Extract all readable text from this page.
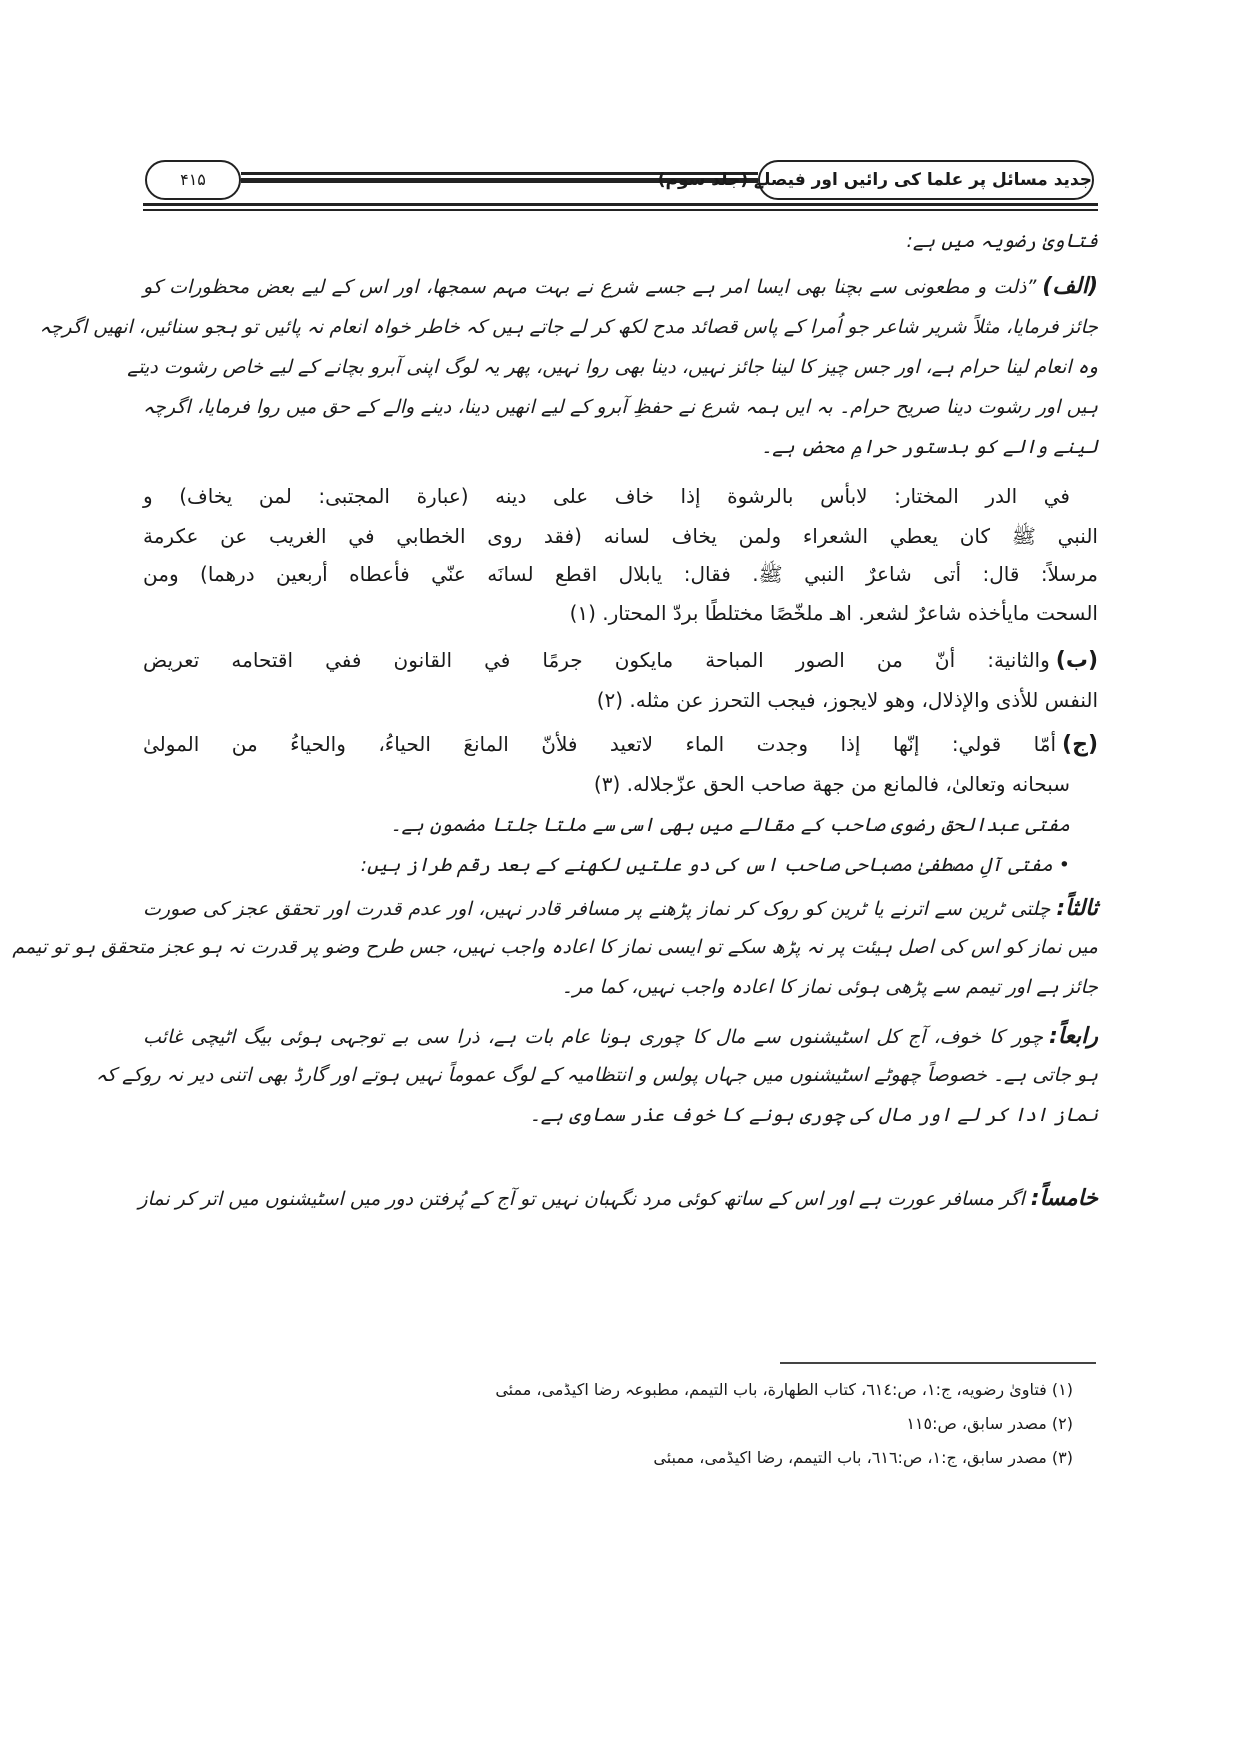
۴۱۵	جدید مسائل پر علما کی رائیں اور فیصلے (جلد سوم)
فتاویٰ رضویہ میں ہے:
(الف)”ذلت و مطعونی سے بچنا بھی ایسا امر ہے جسے شرع نے بہت مہم سمجھا، اور اس کے لیے بعض محظورات کو
جائز فرمایا، مثلاً شریر شاعر جو اُمرا کے پاس قصائد مدح لکھ کر لے جاتے ہیں کہ خاطر خواہ انعام نہ پائیں تو ہجو سنائیں، انھیں اگرچہ
وہ انعام لینا حرام ہے، اور جس چیز کا لینا جائز نہیں، دینا بھی روا نہیں، پھر یہ لوگ اپنی آبرو بچانے کے لیے خاص رشوت دیتے
ہیں اور رشوت دینا صریح حرام۔ بہ ایں ہمہ شرع نے حفظِ آبرو کے لیے انھیں دینا، دینے والے کے حق میں روا فرمایا، اگرچہ
لینے والے کو بدستور حرامِ محض ہے۔
في الدر المختار: لابأس بالرشوة إذا خاف على دينه (عبارة المجتبى: لمن يخاف) و
النبي ﷺ كان يعطي الشعراء ولمن يخاف لسانه (فقد روى الخطابي في الغريب عن عكرمة
مرسلاً: قال: أتى شاعرٌ النبي ﷺ. فقال: يابلال اقطع لسانَه عنّي فأعطاه أربعين درهما) ومن
السحت مايأخذه شاعرٌ لشعر. اهـ ملخّصًا مختلطًا بردّ المحتار. (١)
(ب)والثانية: أنّ من الصور المباحة مايكون جرمًا في القانون ففي اقتحامه تعريض
النفس للأذى والإذلال، وهو لايجوز، فيجب التحرز عن مثله. (٢)
(ج)أمّا قولي: إنّها إذا وجدت الماء لاتعيد فلأنّ المانعَ الحياءُ، والحياءُ من المولىٰ
سبحانه وتعالىٰ، فالمانع من جهة صاحب الحق عزّجلاله. (٣)
مفتی عبدالحق رضوی صاحب کے مقالے میں بھی اسی سے ملتا جلتا مضمون ہے۔
• مفتی آلِ مصطفیٰ مصباحی صاحب اس کی دو علتیں لکھنے کے بعد رقم طراز ہیں:
ثالثاً:چلتی ٹرین سے اترنے یا ٹرین کو روک کر نماز پڑھنے پر مسافر قادر نہیں، اور عدم قدرت اور تحقق عجز کی صورت
میں نماز کو اس کی اصل ہیئت پر نہ پڑھ سکے تو ایسی نماز کا اعادہ واجب نہیں، جس طرح وضو پر قدرت نہ ہو عجز متحقق ہو تو تیمم
جائز ہے اور تیمم سے پڑھی ہوئی نماز کا اعادہ واجب نہیں، کما مر۔
رابعاً:چور کا خوف، آج کل اسٹیشنوں سے مال کا چوری ہونا عام بات ہے، ذرا سی بے توجہی ہوئی بیگ اٹیچی غائب
ہو جاتی ہے۔ خصوصاً چھوٹے اسٹیشنوں میں جہاں پولس و انتظامیہ کے لوگ عموماً نہیں ہوتے اور گارڈ بھی اتنی دیر نہ روکے کہ
نماز ادا کر لے اور مال کی چوری ہونے کا خوف عذر سماوی ہے۔
خامساً:اگر مسافر عورت ہے اور اس کے ساتھ کوئی مرد نگہبان نہیں تو آج کے پُرفتن دور میں اسٹیشنوں میں اتر کر نماز
(١) فتاویٰ رضویه، ج:١، ص:٦١٤، كتاب الطهارة، باب التيمم، مطبوعہ رضا اکیڈمی، ممئی
(٢) مصدر سابق، ص:١١٥
(٣) مصدر سابق، ج:١، ص:٦١٦، باب التيمم، رضا اکیڈمی، ممبئی
